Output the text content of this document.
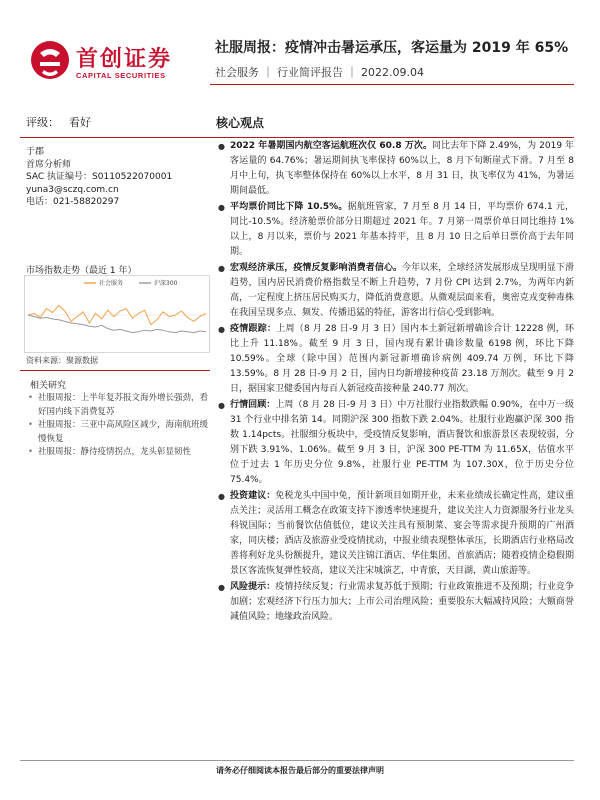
首创证券
CAPITAL SECURITIES
社服周报：疫情冲击暑运承压，客运量为 2019 年 65%
社会服务 ｜ 行业简评报告 ｜ 2022.09.04
评级： 看好	核心观点
于郡
首席分析师
SAC 执证编号：S0110522070001
yuna3@sczq.com.cn
电话：021-58820297
市场指数走势（最近 1 年）
社会服务	沪深300
资料来源：聚源数据
相关研究
• 社服周报：上半年复苏报文海外增长强劲，看好国内线下消费复苏
• 社服周报：三亚中高风险区减少，海南航班缓慢恢复
• 社服周报：静待疫情拐点，龙头彰显韧性
● 2022 年暑期国内航空客运航班次仅 60.8 万次。同比去年下降 2.49%，为 2019 年客运量的 64.76%；暑运期间执飞率保持 60%以上，8 月下旬断崖式下滑。7 月至 8 月中上旬，执飞率整体保持在 60%以上水平，8 月 31 日，执飞率仅为 41%，为暑运期间最低。
● 平均票价同比下降 10.5%。据航班管家，7 月至 8 月 14 日，平均票价 674.1 元，同比-10.5%。经济舱票价部分日期超过 2021 年。7 月第一周票价单日同比维持 1%以上，8 月以来，票价与 2021 年基本持平，且 8 月 10 日之后单日票价高于去年同期。
● 宏观经济承压，疫情反复影响消费者信心。今年以来，全球经济发展形成呈现明显下滑趋势，国内居民消费价格指数呈不断上升趋势，7 月份 CPI 达到 2.7%，为两年内新高，一定程度上挤压居民购买力，降低消费意愿。从微观层面来看，奥密克戎变种毒株在我国呈现多点、频发、传播迅猛的特征，游客出行信心受到影响。
● 疫情跟踪：上周（8 月 28 日-9 月 3 日）国内本土新冠新增确诊合计 12228 例，环比上升 11.18%。截至 9 月 3 日，国内现有累计确诊数量 6198 例，环比下降 10.59%。全球（除中国）范围内新冠新增确诊病例 409.74 万例，环比下降 13.59%。8 月 28 日-9 月 2 日，国内日均新增接种疫苗 23.18 万剂次。截至 9 月 2 日，据国家卫健委国内每百人新冠疫苗接种量 240.77 剂次。
● 行情回顾：上周（8 月 28 日-9 月 3 日）中万社服行业指数跌幅 0.90%，在中万一级 31 个行业中排名第 14。同期沪深 300 指数下跌 2.04%。社服行业跑赢沪深 300 指数 1.14pcts。社服细分板块中，受疫情反复影响，酒店餐饮和旅游景区表现较弱，分别下跌 3.91%、1.06%。截至 9 月 3 日，沪深 300 PE-TTM 为 11.65X，估值水平位于过去 1 年历史分位 9.8%，社服行业 PE-TTM 为 107.30X，位于历史分位 75.4%。
● 投资建议：免税龙头中国中免，预计新项目如期开业，未来业绩成长确定性高，建议重点关注；灵活用工概念在政策支持下渗透率快速提升，建议关注人力资源服务行业龙头科锐国际；当前餐饮估值低位，建议关注具有预制菜、宴会等需求提升预期的广州酒家，同庆楼；酒店及旅游业受疫情扰动，中报业绩表现整体承压，长期酒店行业格局改善将利好龙头份额提升，建议关注锦江酒店、华住集团、首旅酒店；随着疫情企稳假期景区客流恢复弹性较高，建议关注宋城演艺，中青旅，天目湖，黄山旅游等。
● 风险提示：疫情持续反复；行业需求复苏低于预期；行业政策推进不及预期；行业竞争加剧；宏观经济下行压力加大；上市公司治理风险；重要股东大幅减持风险；大额商誉减值风险；地缘政治风险。
请务必仔细阅读本报告最后部分的重要法律声明
